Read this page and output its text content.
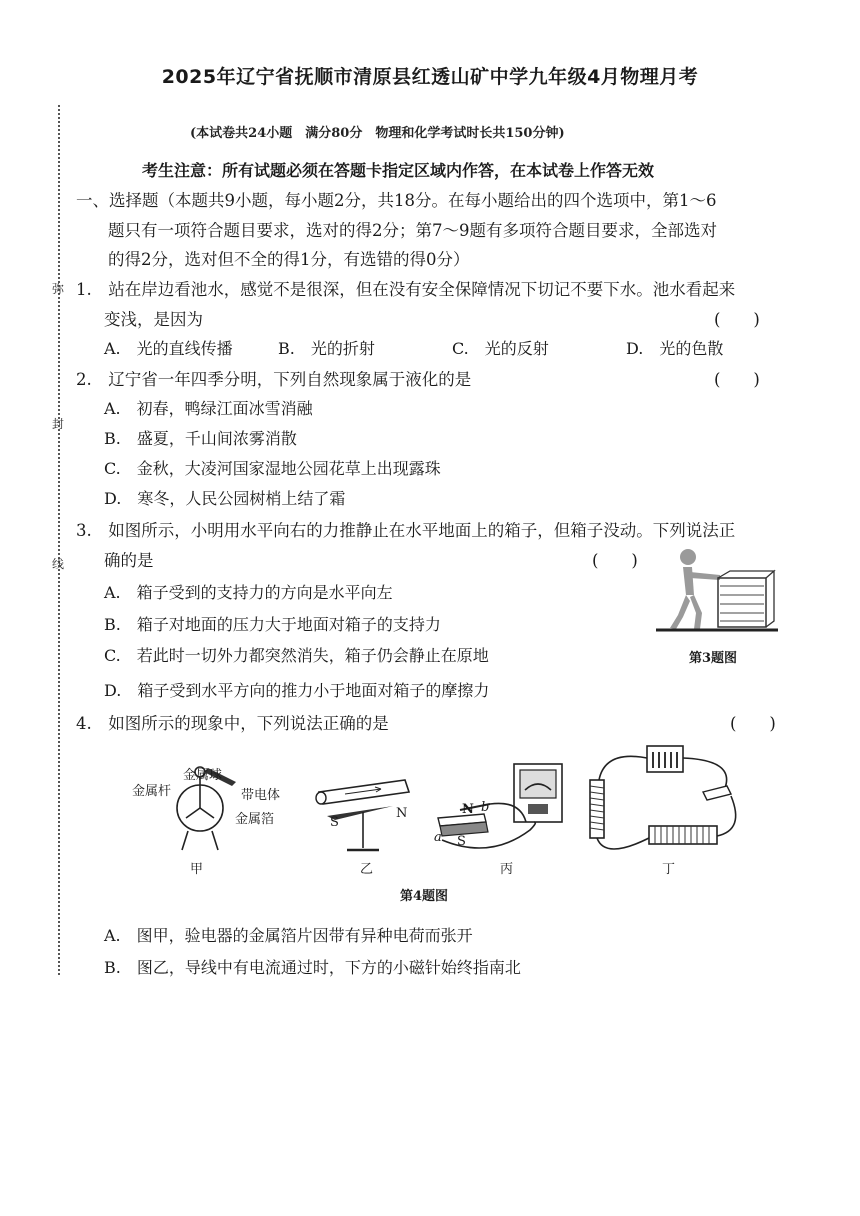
2025年辽宁省抚顺市清原县红透山矿中学九年级4月物理月考
弥
封
线
(本试卷共24小题　满分80分　物理和化学考试时长共150分钟)
考生注意：所有试题必须在答题卡指定区域内作答，在本试卷上作答无效
一、选择题（本题共9小题，每小题2分，共18分。在每小题给出的四个选项中，第1～6
题只有一项符合题目要求，选对的得2分；第7～9题有多项符合题目要求，全部选对
的得2分，选对但不全的得1分，有选错的得0分）
1.　站在岸边看池水，感觉不是很深，但在没有安全保障情况下切记不要下水。池水看起来
变浅，是因为	(　　)
A.　光的直线传播	B.　光的折射	C.　光的反射	D.　光的色散
2.　辽宁省一年四季分明，下列自然现象属于液化的是	(　　)
A.　初春，鸭绿江面冰雪消融
B.　盛夏，千山间浓雾消散
C.　金秋，大凌河国家湿地公园花草上出现露珠
D.　寒冬，人民公园树梢上结了霜
3.　如图所示，小明用水平向右的力推静止在水平地面上的箱子，但箱子没动。下列说法正
确的是	(　　)
A.　箱子受到的支持力的方向是水平向左
B.　箱子对地面的压力大于地面对箱子的支持力
C.　若此时一切外力都突然消失，箱子仍会静止在原地
D.　箱子受到水平方向的推力小于地面对箱子的摩擦力
第3题图
4.　如图所示的现象中，下列说法正确的是	(　　)
金属球
金属杆	带电体
金属箔
甲
S
N
乙
N b
S
a
丙	丁
第4题图
A.　图甲，验电器的金属箔片因带有异种电荷而张开
B.　图乙，导线中有电流通过时，下方的小磁针始终指南北
